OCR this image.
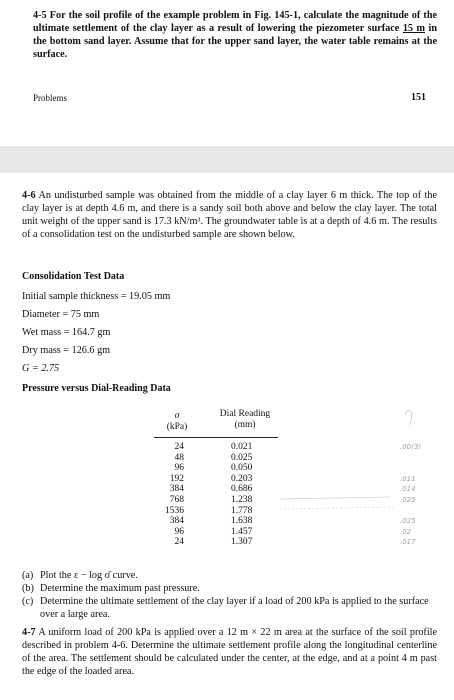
4-5 For the soil profile of the example problem in Fig. 145-1, calculate the magnitude of the ultimate settlement of the clay layer as a result of lowering the piezometer surface 15 m in the bottom sand layer. Assume that for the upper sand layer, the water table remains at the surface.
Problems	151
4-6 An undisturbed sample was obtained from the middle of a clay layer 6 m thick. The top of the clay layer is at depth 4.6 m, and there is a sandy soil both above and below the clay layer. The total unit weight of the upper sand is 17.3 kN/m³. The groundwater table is at a depth of 4.6 m. The results of a consolidation test on the undisturbed sample are shown below.
Consolidation Test Data
Initial sample thickness = 19.05 mm
Diameter = 75 mm
Wet mass = 164.7 gm
Dry mass = 126.6 gm
G = 2.75
Pressure versus Dial-Reading Data
σ
(kPa)
Dial Reading
(mm)
24
48
96
192
384
768
1536
384
96
24
0.021
0.025
0.050
0.203
0.686
1.238
1.778
1.638
1.457
1.307
.00(3)

.011
.014
.025

.025
.02
.017
(a) Plot the ε − log σ̄ curve.
(b) Determine the maximum past pressure.
(c) Determine the ultimate settlement of the clay layer if a load of 200 kPa is applied to the surface over a large area.
4-7 A uniform load of 200 kPa is applied over a 12 m × 22 m area at the surface of the soil profile described in problem 4-6. Determine the ultimate settlement profile along the longitudinal centerline of the area. The settlement should be calculated under the center, at the edge, and at a point 4 m past the edge of the loaded area.
